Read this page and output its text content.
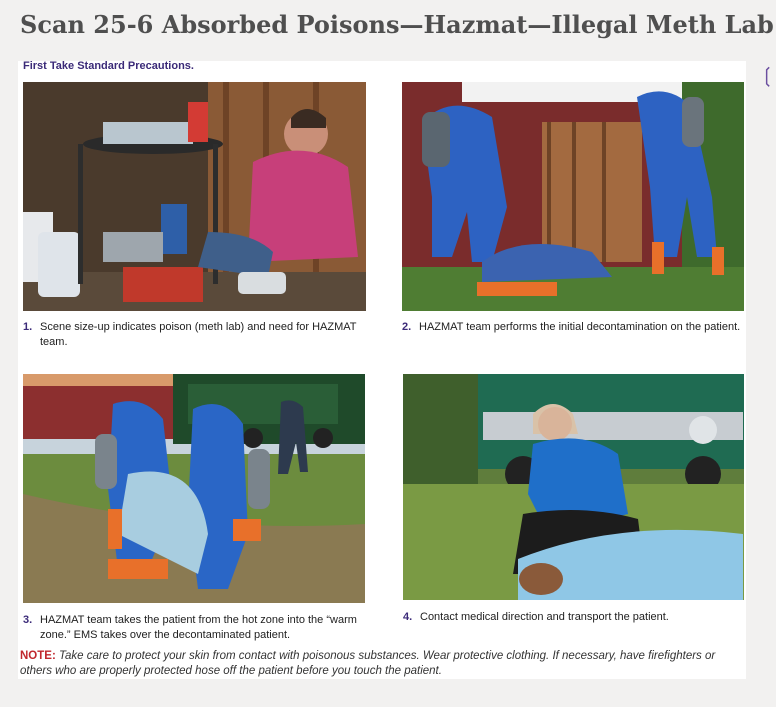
Scan 25-6 Absorbed Poisons—Hazmat—Illegal Meth Lab
First Take Standard Precautions.	❲
1. Scene size-up indicates poison (meth lab) and need for HAZMAT team.
2. HAZMAT team performs the initial decontamination on the patient.
3. HAZMAT team takes the patient from the hot zone into the “warm zone.” EMS takes over the decontaminated patient.
4. Contact medical direction and transport the patient.
NOTE: Take care to protect your skin from contact with poisonous substances. Wear protective clothing. If necessary, have firefighters or others who are properly protected hose off the patient before you touch the patient.
